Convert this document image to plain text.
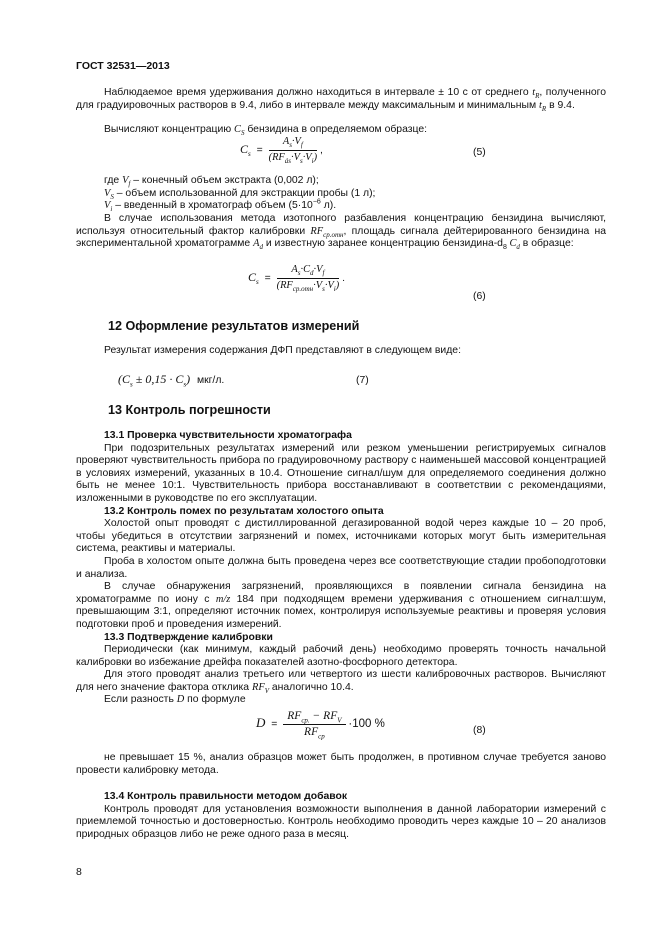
ГОСТ 32531—2013

Наблюдаемое время удерживания должно находиться в интервале ± 10 с от среднего $t_R$, полученного для градуировочных растворов в 9.4, либо в интервале между максимальным и минимальным $t_R$ в 9.4.

Вычисляют концентрацию $C_S$ бензидина в определяемом образце:

$C_s = \frac{A_s\cdot V_f}{(RF_{ás}\cdot V_s\cdot V_i)}$ ,	(5)

где $V_f$ – конечный объем экстракта (0,002 л);

$V_S$ – объем использованной для экстракции пробы (1 л);

$V_i$ – введенный в хроматограф объем ($5\cdot 10^{-6}$ л).

В случае использования метода изотопного разбавления концентрацию бензидина вычисляют, используя относительный фактор калибровки $RF_{ср.отн}$, площадь сигнала дейтерированного бензидина на экспериментальной хроматограмме $A_d$ и известную заранее концентрацию бензидина-$d_8$ $C_d$ в образце:

$C_s = \frac{A_s\cdot C_d\cdot V_f}{(RF_{ср.отн}\cdot V_s\cdot V_i)}$ .
(6)
12 Оформление результатов измерений

Результат измерения содержания ДФП представляют в следующем виде:

$(C_s \pm 0,15 \cdot C_s)$ мкг/л.	(7)
13 Контроль погрешности

13.1 Проверка чувствительности хроматографа

При подозрительных результатах измерений или резком уменьшении регистрируемых сигналов проверяют чувствительность прибора по градуировочному раствору с наименьшей массовой концентрацией в условиях измерений, указанных в 10.4. Отношение сигнал/шум для определяемого соединения должно быть не менее 10:1. Чувствительность прибора восстанавливают в соответствии с рекомендациями, изложенными в руководстве по его эксплуатации.

13.2 Контроль помех по результатам холостого опыта

Холостой опыт проводят с дистиллированной дегазированной водой через каждые 10 – 20 проб, чтобы убедиться в отсутствии загрязнений и помех, источниками которых могут быть измерительная система, реактивы и материалы.

Проба в холостом опыте должна быть проведена через все соответствующие стадии пробоподготовки и анализа.

В случае обнаружения загрязнений, проявляющихся в появлении сигнала бензидина на хроматограмме по иону с m/z 184 при подходящем времени удерживания с отношением сигнал:шум, превышающим 3:1, определяют источник помех, контролируя используемые реактивы и проверяя условия подготовки проб и проведения измерений.

13.3 Подтверждение калибровки

Периодически (как минимум, каждый рабочий день) необходимо проверять точность начальной калибровки во избежание дрейфа показателей азотно-фосфорного детектора.

Для этого проводят анализ третьего или четвертого из шести калибровочных растворов. Вычисляют для него значение фактора отклика $RF_V$ аналогично 10.4.

Если разность D по формуле

$D = \frac{RF_{ср.} - RF_V}{RF_{ср}} \cdot 100$ %
(8)

не превышает 15 %, анализ образцов может быть продолжен, в противном случае требуется заново провести калибровку метода.

13.4 Контроль правильности методом добавок

Контроль проводят для установления возможности выполнения в данной лаборатории измерений с приемлемой точностью и достоверностью. Контроль необходимо проводить через каждые 10 – 20 анализов природных образцов либо не реже одного раза в месяц.

8
